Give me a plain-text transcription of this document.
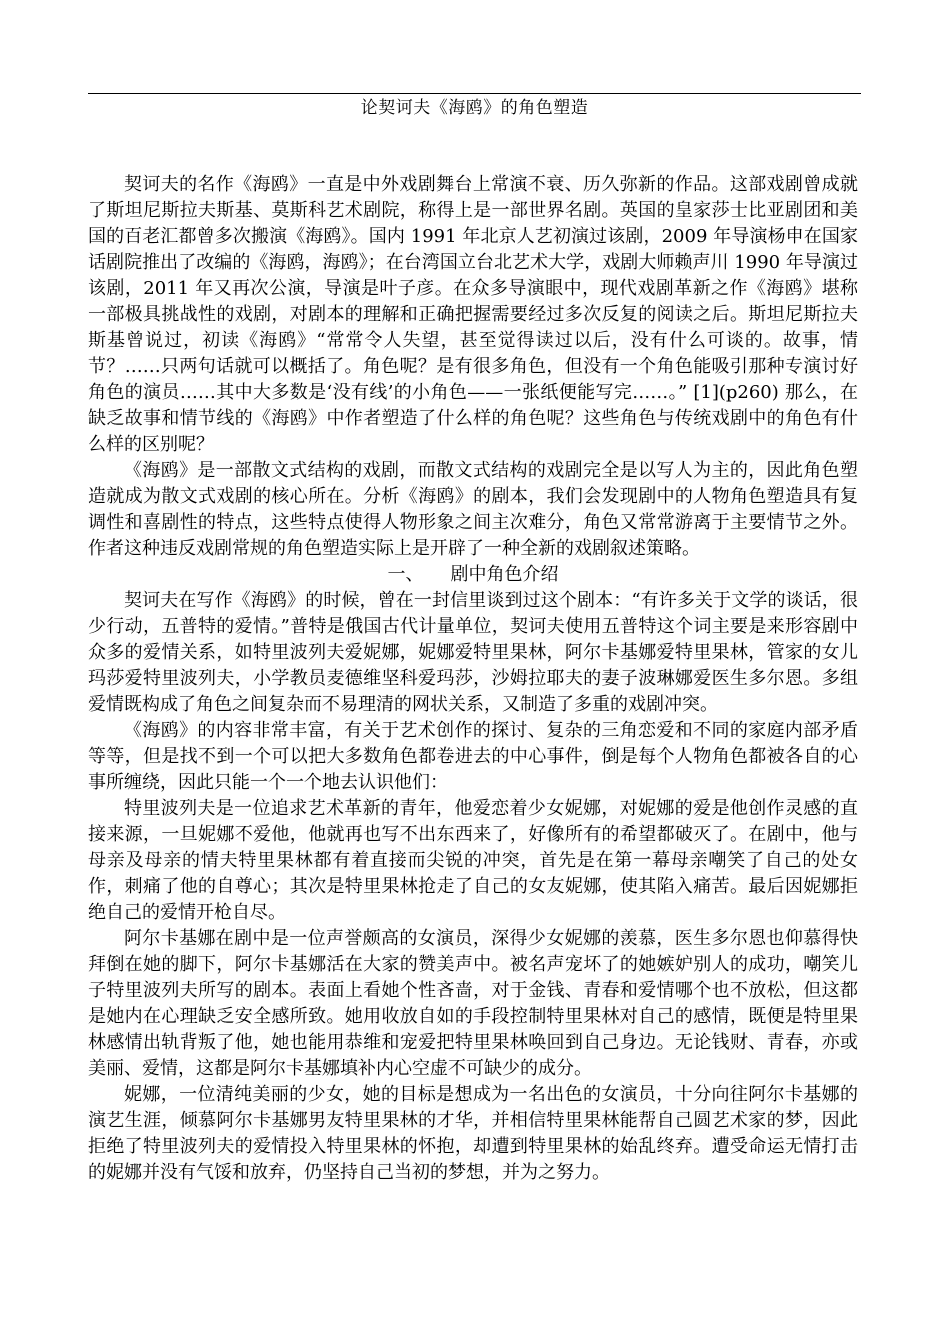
论契诃夫《海鸥》的角色塑造

契诃夫的名作《海鸥》一直是中外戏剧舞台上常演不衰、历久弥新的作品。这部戏剧曾成就了斯坦尼斯拉夫斯基、莫斯科艺术剧院，称得上是一部世界名剧。英国的皇家莎士比亚剧团和美国的百老汇都曾多次搬演《海鸥》。国内 1991 年北京人艺初演过该剧，2009 年导演杨申在国家话剧院推出了改编的《海鸥，海鸥》；在台湾国立台北艺术大学，戏剧大师赖声川 1990 年导演过该剧，2011 年又再次公演，导演是叶子彦。在众多导演眼中，现代戏剧革新之作《海鸥》堪称一部极具挑战性的戏剧，对剧本的理解和正确把握需要经过多次反复的阅读之后。斯坦尼斯拉夫斯基曾说过，初读《海鸥》“常常令人失望，甚至觉得读过以后，没有什么可谈的。故事，情节？……只两句话就可以概括了。角色呢？是有很多角色，但没有一个角色能吸引那种专演讨好角色的演员……其中大多数是‘没有线’的小角色——一张纸便能写完……。” [1](p260) 那么，在缺乏故事和情节线的《海鸥》中作者塑造了什么样的角色呢？这些角色与传统戏剧中的角色有什么样的区别呢？

《海鸥》是一部散文式结构的戏剧，而散文式结构的戏剧完全是以写人为主的，因此角色塑造就成为散文式戏剧的核心所在。分析《海鸥》的剧本，我们会发现剧中的人物角色塑造具有复调性和喜剧性的特点，这些特点使得人物形象之间主次难分，角色又常常游离于主要情节之外。作者这种违反戏剧常规的角色塑造实际上是开辟了一种全新的戏剧叙述策略。

一、 剧中角色介绍

契诃夫在写作《海鸥》的时候，曾在一封信里谈到过这个剧本：“有许多关于文学的谈话，很少行动，五普特的爱情。”普特是俄国古代计量单位，契诃夫使用五普特这个词主要是来形容剧中众多的爱情关系，如特里波列夫爱妮娜，妮娜爱特里果林，阿尔卡基娜爱特里果林，管家的女儿玛莎爱特里波列夫，小学教员麦德维坚科爱玛莎，沙姆拉耶夫的妻子波琳娜爱医生多尔恩。多组爱情既构成了角色之间复杂而不易理清的网状关系，又制造了多重的戏剧冲突。

《海鸥》的内容非常丰富，有关于艺术创作的探讨、复杂的三角恋爱和不同的家庭内部矛盾等等，但是找不到一个可以把大多数角色都卷进去的中心事件，倒是每个人物角色都被各自的心事所缠绕，因此只能一个一个地去认识他们：

特里波列夫是一位追求艺术革新的青年，他爱恋着少女妮娜，对妮娜的爱是他创作灵感的直接来源，一旦妮娜不爱他，他就再也写不出东西来了，好像所有的希望都破灭了。在剧中，他与母亲及母亲的情夫特里果林都有着直接而尖锐的冲突，首先是在第一幕母亲嘲笑了自己的处女作，刺痛了他的自尊心；其次是特里果林抢走了自己的女友妮娜，使其陷入痛苦。最后因妮娜拒绝自己的爱情开枪自尽。

阿尔卡基娜在剧中是一位声誉颇高的女演员，深得少女妮娜的羡慕，医生多尔恩也仰慕得快拜倒在她的脚下，阿尔卡基娜活在大家的赞美声中。被名声宠坏了的她嫉妒别人的成功，嘲笑儿子特里波列夫所写的剧本。表面上看她个性吝啬，对于金钱、青春和爱情哪个也不放松，但这都是她内在心理缺乏安全感所致。她用收放自如的手段控制特里果林对自己的感情，既便是特里果林感情出轨背叛了他，她也能用恭维和宠爱把特里果林唤回到自己身边。无论钱财、青春，亦或美丽、爱情，这都是阿尔卡基娜填补内心空虚不可缺少的成分。

妮娜，一位清纯美丽的少女，她的目标是想成为一名出色的女演员，十分向往阿尔卡基娜的演艺生涯，倾慕阿尔卡基娜男友特里果林的才华，并相信特里果林能帮自己圆艺术家的梦，因此拒绝了特里波列夫的爱情投入特里果林的怀抱，却遭到特里果林的始乱终弃。遭受命运无情打击的妮娜并没有气馁和放弃，仍坚持自己当初的梦想，并为之努力。
